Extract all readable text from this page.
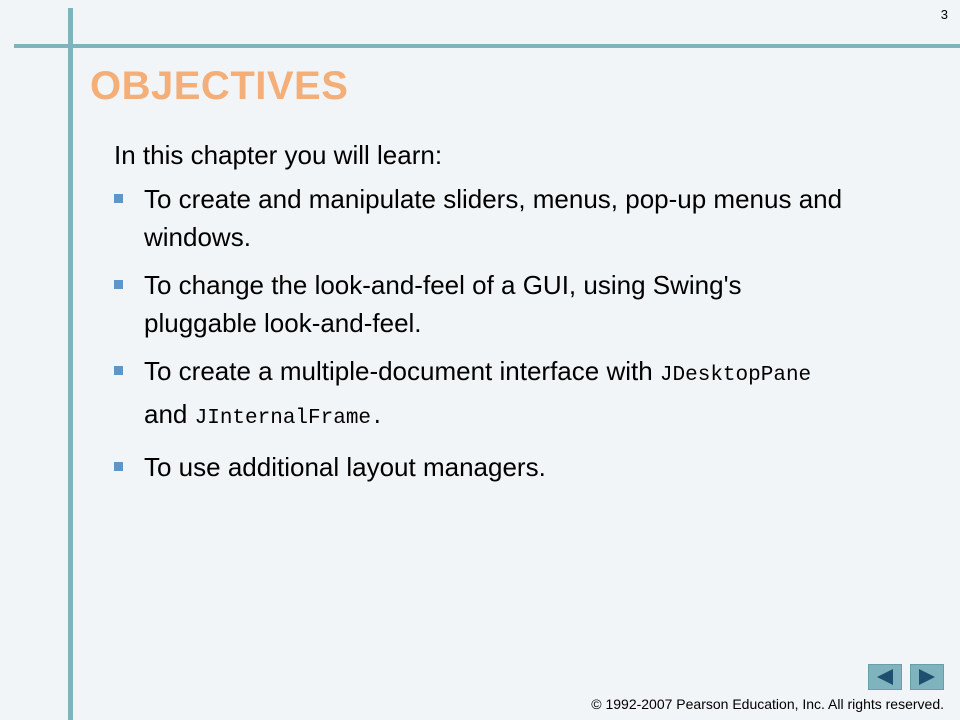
3
OBJECTIVES

In this chapter you will learn:

To create and manipulate sliders, menus, pop-up menus and windows.
To change the look-and-feel of a GUI, using Swing's pluggable look-and-feel.
To create a multiple-document interface with JDesktopPane and JInternalFrame.
To use additional layout managers.
© 1992-2007 Pearson Education, Inc. All rights reserved.
